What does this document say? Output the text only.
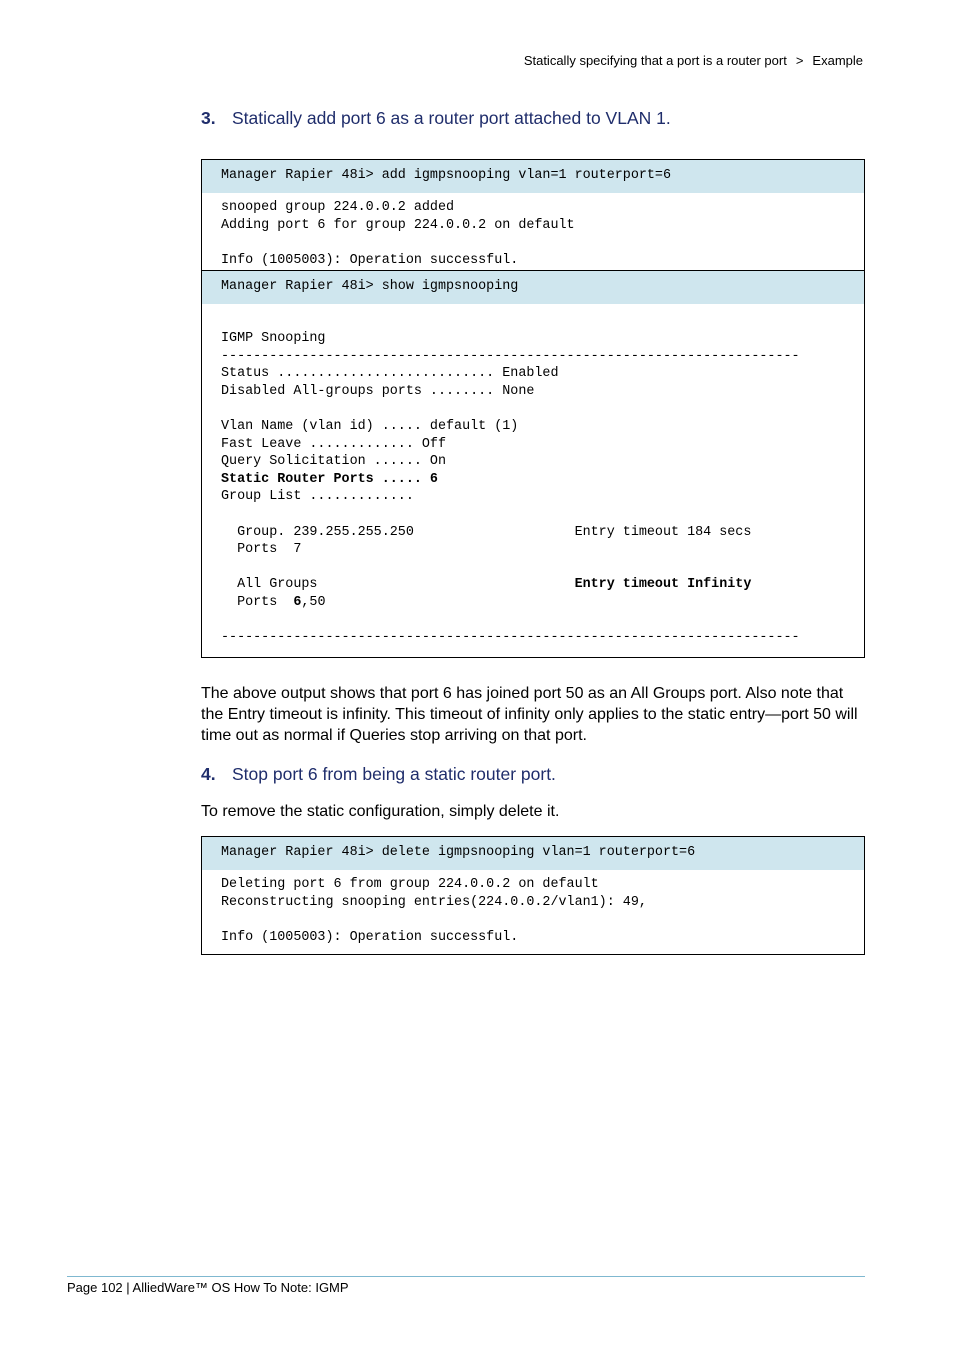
Statically specifying that a port is a router port > Example
3. Statically add port 6 as a router port attached to VLAN 1.
Manager Rapier 48i> add igmpsnooping vlan=1 routerport=6
snooped group 224.0.0.2 added
Adding port 6 for group 224.0.0.2 on default

Info (1005003): Operation successful.
Manager Rapier 48i> show igmpsnooping

IGMP Snooping
------------------------------------------------------------------------
Status ........................... Enabled
Disabled All-groups ports ........ None

Vlan Name (vlan id) ..... default (1)
Fast Leave ............. Off
Query Solicitation ...... On
Static Router Ports ..... 6
Group List .............

Group. 239.255.255.250                    Entry timeout 184 secs
Ports  7

All Groups                                Entry timeout Infinity
Ports  6,50

------------------------------------------------------------------------
The above output shows that port 6 has joined port 50 as an All Groups port. Also note that the Entry timeout is infinity. This timeout of infinity only applies to the static entry—port 50 will time out as normal if Queries stop arriving on that port.
4. Stop port 6 from being a static router port.
To remove the static configuration, simply delete it.
Manager Rapier 48i> delete igmpsnooping vlan=1 routerport=6
Deleting port 6 from group 224.0.0.2 on default
Reconstructing snooping entries(224.0.0.2/vlan1): 49,

Info (1005003): Operation successful.
Page 102 | AlliedWare™ OS How To Note: IGMP
